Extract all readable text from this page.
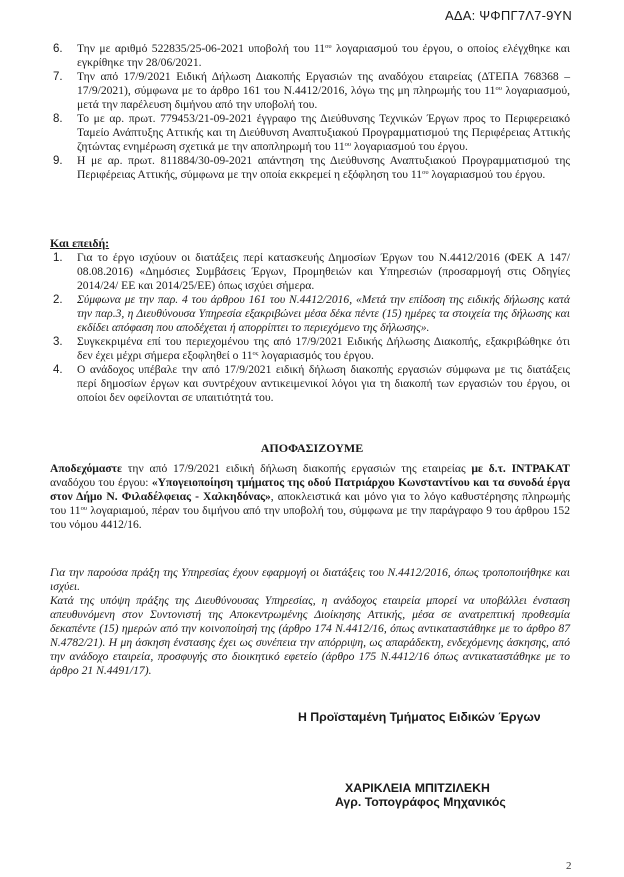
ΑΔΑ: ΨΦΠΓ7Λ7-9ΥΝ
6. Την με αριθμό 522835/25-06-2021 υποβολή του $11^{o\upsilon}$ λογαριασμού του έργου, ο οποίος ελέγχθηκε και εγκρίθηκε την 28/06/2021.
7. Την από 17/9/2021 Ειδική Δήλωση Διακοπής Εργασιών της αναδόχου εταιρείας (ΔΤΕΠΑ 768368 – 17/9/2021), σύμφωνα με το άρθρο 161 του Ν.4412/2016, λόγω της μη πληρωμής του $11^{o\upsilon}$ λογαριασμού, μετά την παρέλευση διμήνου από την υποβολή του.
8. Το με αρ. πρωτ. 779453/21-09-2021 έγγραφο της Διεύθυνσης Τεχνικών Έργων προς το Περιφερειακό Ταμείο Ανάπτυξης Αττικής και τη Διεύθυνση Αναπτυξιακού Προγραμματισμού της Περιφέρειας Αττικής ζητώντας ενημέρωση σχετικά με την αποπληρωμή του $11^{o\upsilon}$ λογαριασμού του έργου.
9. Η με αρ. πρωτ. 811884/30-09-2021 απάντηση της Διεύθυνσης Αναπτυξιακού Προγραμματισμού της Περιφέρειας Αττικής, σύμφωνα με την οποία εκκρεμεί η εξόφληση του $11^{o\upsilon}$ λογαριασμού του έργου.
Και επειδή:
1. Για το έργο ισχύουν οι διατάξεις περί κατασκευής Δημοσίων Έργων του Ν.4412/2016 (ΦΕΚ Α 147/ 08.08.2016) «Δημόσιες Συμβάσεις Έργων, Προμηθειών και Υπηρεσιών (προσαρμογή στις Οδηγίες 2014/24/ ΕΕ και 2014/25/ΕΕ) όπως ισχύει σήμερα.
2. Σύμφωνα με την παρ. 4 του άρθρου 161 του Ν.4412/2016, «Μετά την επίδοση της ειδικής δήλωσης κατά την παρ.3, η Διευθύνουσα Υπηρεσία εξακριβώνει μέσα δέκα πέντε (15) ημέρες τα στοιχεία της δήλωσης και εκδίδει απόφαση που αποδέχεται ή απορρίπτει το περιεχόμενο της δήλωσης».
3. Συγκεκριμένα επί του περιεχομένου της από 17/9/2021 Ειδικής Δήλωσης Διακοπής, εξακριβώθηκε ότι δεν έχει μέχρι σήμερα εξοφληθεί ο $11^{o\varsigma}$ λογαριασμός του έργου.
4. Ο ανάδοχος υπέβαλε την από 17/9/2021 ειδική δήλωση διακοπής εργασιών σύμφωνα με τις διατάξεις περί δημοσίων έργων και συντρέχουν αντικειμενικοί λόγοι για τη διακοπή των εργασιών του έργου, οι οποίοι δεν οφείλονται σε υπαιτιότητά του.
ΑΠΟΦΑΣΙΖΟΥΜΕ

Αποδεχόμαστε την από 17/9/2021 ειδική δήλωση διακοπής εργασιών της εταιρείας με δ.τ. ΙΝΤΡΑΚΑΤ αναδόχου του έργου: «Υπογειοποίηση τμήματος της οδού Πατριάρχου Κωνσταντίνου και τα συνοδά έργα στον Δήμο Ν. Φιλαδέλφειας - Χαλκηδόνας», αποκλειστικά και μόνο για το λόγο καθυστέρησης πληρωμής του $11^{o\upsilon}$ λογαριαμού, πέραν του διμήνου από την υποβολή του, σύμφωνα με την παράγραφο 9 του άρθρου 152 του νόμου 4412/16.

Για την παρούσα πράξη της Υπηρεσίας έχουν εφαρμογή οι διατάξεις του Ν.4412/2016, όπως τροποποιήθηκε και ισχύει.

Κατά της υπόψη πράξης της Διευθύνουσας Υπηρεσίας, η ανάδοχος εταιρεία μπορεί να υποβάλλει ένσταση απευθυνόμενη στον Συντονιστή της Αποκεντρωμένης Διοίκησης Αττικής, μέσα σε ανατρεπτική προθεσμία δεκαπέντε (15) ημερών από την κοινοποίησή της (άρθρο 174 Ν.4412/16, όπως αντικαταστάθηκε με το άρθρο 87 Ν.4782/21). Η μη άσκηση ένστασης έχει ως συνέπεια την απόρριψη, ως απαράδεκτη, ενδεχόμενης άσκησης, από την ανάδοχο εταιρεία, προσφυγής στο διοικητικό εφετείο (άρθρο 175 Ν.4412/16 όπως αντικαταστάθηκε με το άρθρο 21 Ν.4491/17).

Η Προϊσταμένη Τμήματος Ειδικών Έργων
ΧΑΡΙΚΛΕΙΑ ΜΠΙΤΖΙΛΕΚΗ
Αγρ. Τοπογράφος Μηχανικός
2
